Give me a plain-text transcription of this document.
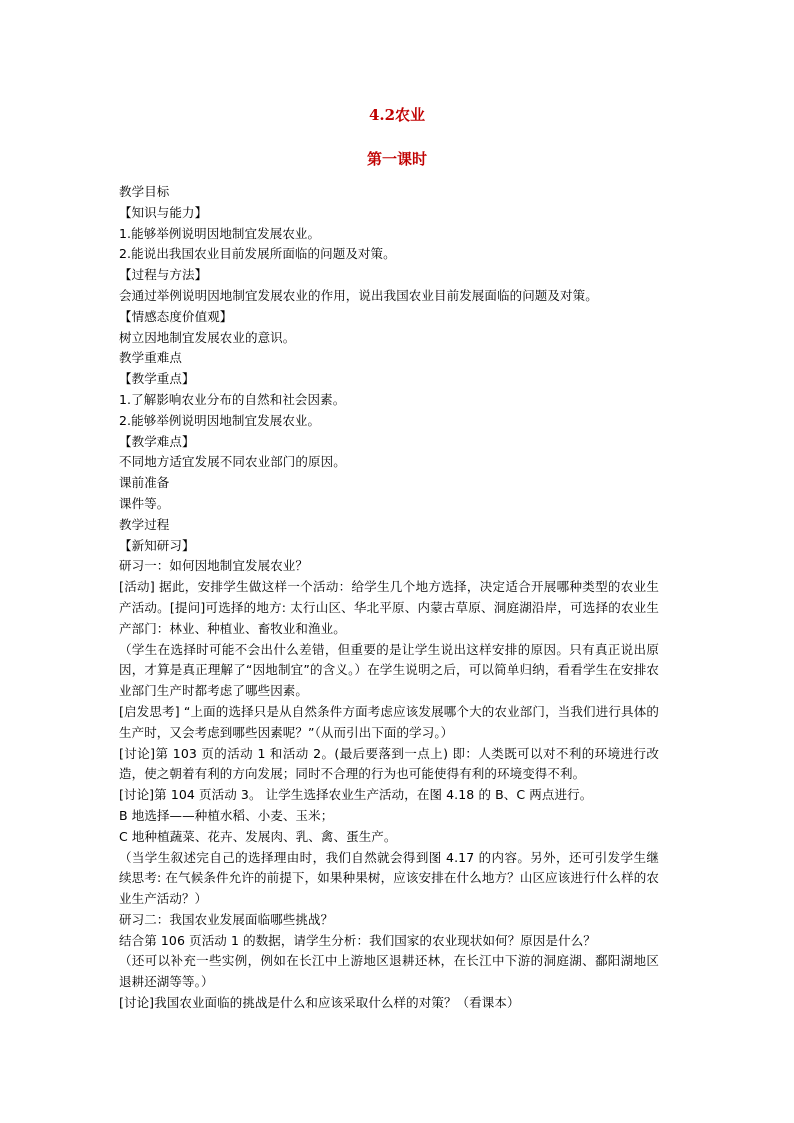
4.2农业
第一课时

教学目标

【知识与能力】

1.能够举例说明因地制宜发展农业。

2.能说出我国农业目前发展所面临的问题及对策。

【过程与方法】

会通过举例说明因地制宜发展农业的作用，说出我国农业目前发展面临的问题及对策。

【情感态度价值观】

树立因地制宜发展农业的意识。

教学重难点

【教学重点】

1.了解影响农业分布的自然和社会因素。

2.能够举例说明因地制宜发展农业。

【教学难点】

不同地方适宜发展不同农业部门的原因。

课前准备

课件等。

教学过程

【新知研习】

研习一：如何因地制宜发展农业？

[活动] 据此，安排学生做这样一个活动：给学生几个地方选择，决定适合开展哪种类型的农业生产活动。[提问]可选择的地方: 太行山区、华北平原、内蒙古草原、洞庭湖沿岸，可选择的农业生产部门：林业、种植业、畜牧业和渔业。

（学生在选择时可能不会出什么差错，但重要的是让学生说出这样安排的原因。只有真正说出原因，才算是真正理解了“因地制宜”的含义。）在学生说明之后，可以简单归纳，看看学生在安排农业部门生产时都考虑了哪些因素。

[启发思考] “上面的选择只是从自然条件方面考虑应该发展哪个大的农业部门，当我们进行具体的生产时，又会考虑到哪些因素呢？”（从而引出下面的学习。）

[讨论]第 103 页的活动 1 和活动 2。(最后要落到一点上) 即：人类既可以对不利的环境进行改造，使之朝着有利的方向发展；同时不合理的行为也可能使得有利的环境变得不利。

[讨论]第 104 页活动 3。 让学生选择农业生产活动，在图 4.18 的 B、C 两点进行。

B 地选择——种植水稻、小麦、玉米；

C 地种植蔬菜、花卉、发展肉、乳、禽、蛋生产。

（当学生叙述完自己的选择理由时，我们自然就会得到图 4.17 的内容。另外，还可引发学生继续思考: 在气候条件允许的前提下，如果种果树，应该安排在什么地方？山区应该进行什么样的农业生产活动？）

研习二：我国农业发展面临哪些挑战？

结合第 106 页活动 1 的数据，请学生分析：我们国家的农业现状如何？原因是什么？

（还可以补充一些实例，例如在长江中上游地区退耕还林，在长江中下游的洞庭湖、鄱阳湖地区退耕还湖等等。）

[讨论]我国农业面临的挑战是什么和应该采取什么样的对策？（看课本）
